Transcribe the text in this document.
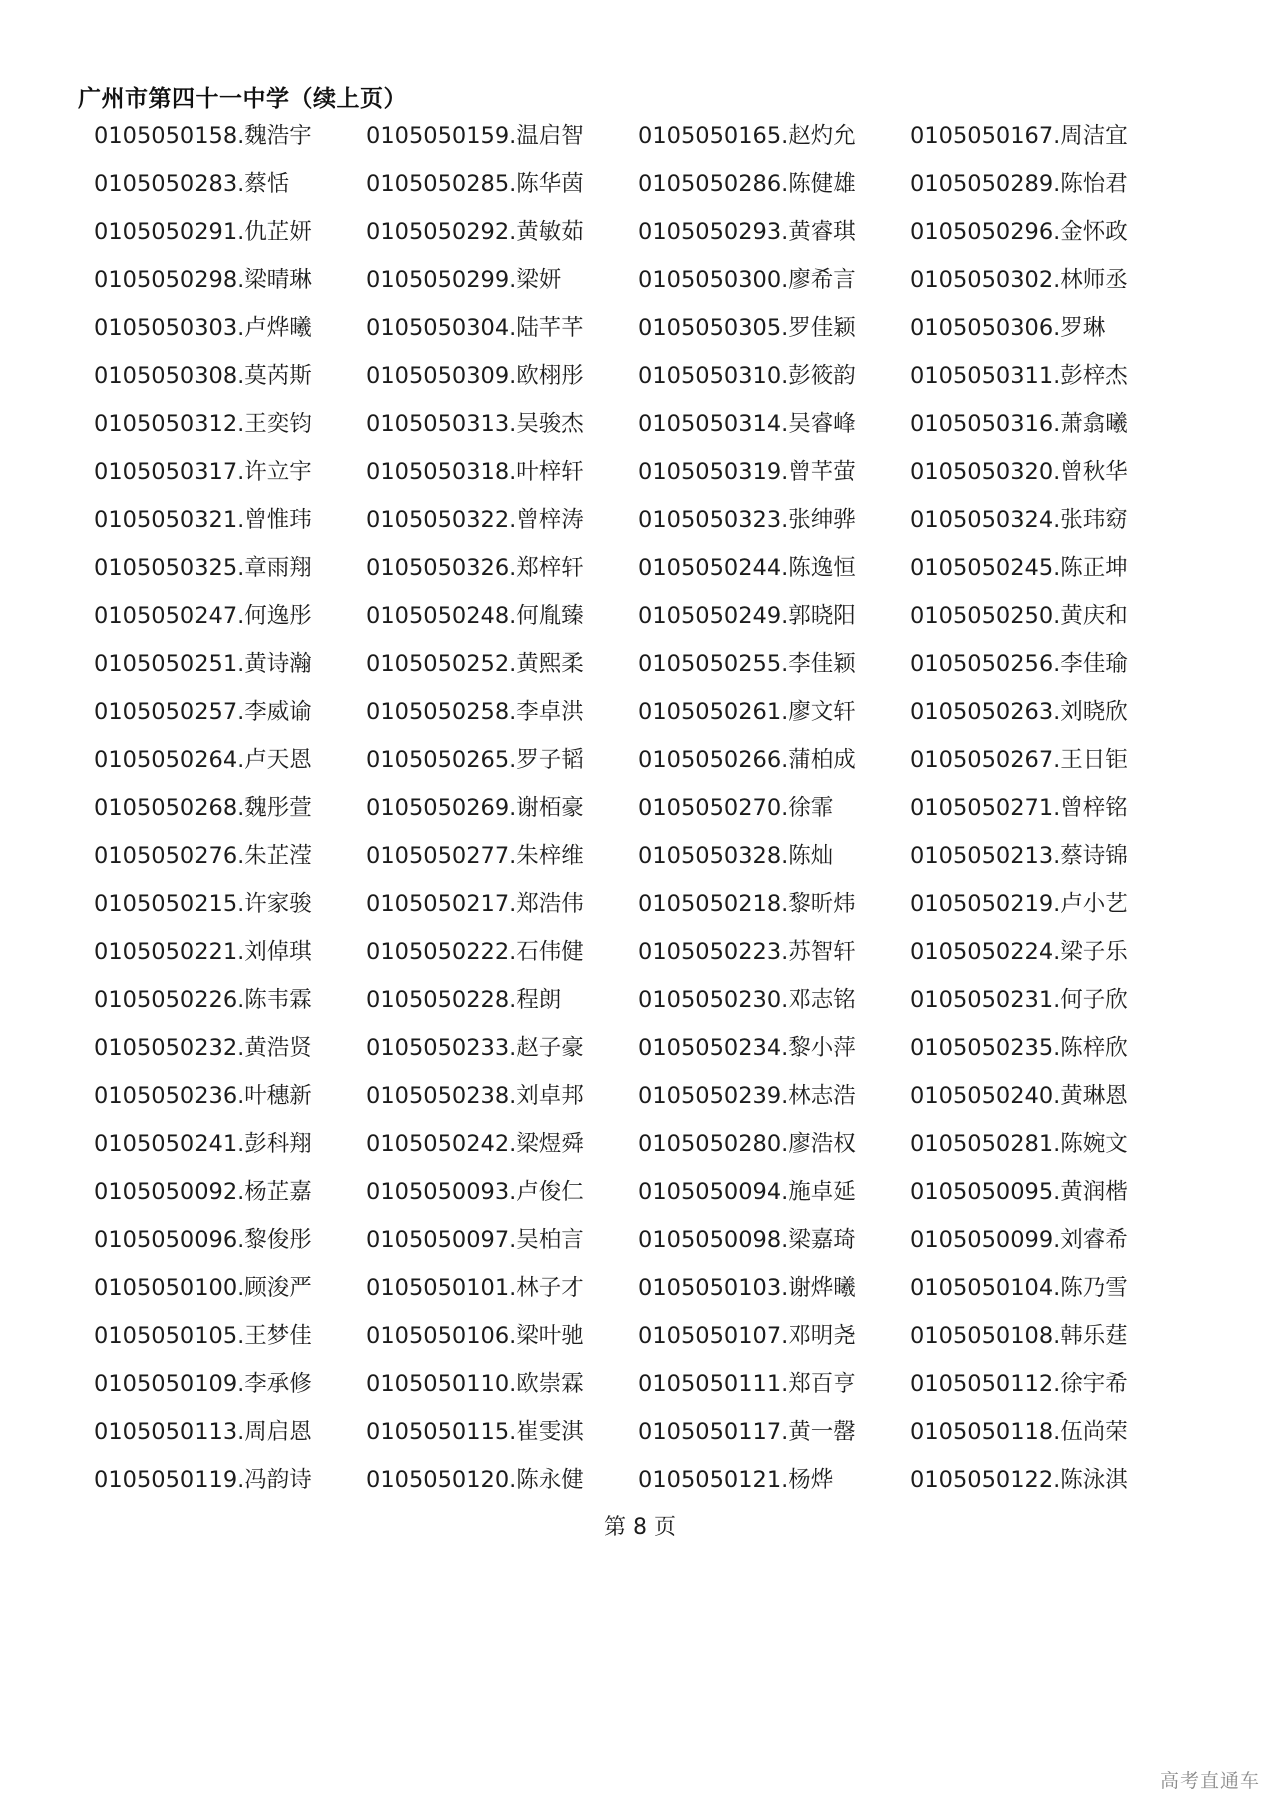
广州市第四十一中学（续上页）
0105050158.魏浩宇	0105050159.温启智	0105050165.赵灼允	0105050167.周洁宜
0105050283.蔡恬	0105050285.陈华茵	0105050286.陈健雄	0105050289.陈怡君
0105050291.仇芷妍	0105050292.黄敏茹	0105050293.黄睿琪	0105050296.金怀政
0105050298.梁晴琳	0105050299.梁妍	0105050300.廖希言	0105050302.林师丞
0105050303.卢烨曦	0105050304.陆芊芊	0105050305.罗佳颖	0105050306.罗琳
0105050308.莫芮斯	0105050309.欧栩彤	0105050310.彭筱韵	0105050311.彭梓杰
0105050312.王奕钧	0105050313.吴骏杰	0105050314.吴睿峰	0105050316.萧翕曦
0105050317.许立宇	0105050318.叶梓轩	0105050319.曾芊萤	0105050320.曾秋华
0105050321.曾惟玮	0105050322.曾梓涛	0105050323.张绅骅	0105050324.张玮窈
0105050325.章雨翔	0105050326.郑梓轩	0105050244.陈逸恒	0105050245.陈正坤
0105050247.何逸彤	0105050248.何胤臻	0105050249.郭晓阳	0105050250.黄庆和
0105050251.黄诗瀚	0105050252.黄熙柔	0105050255.李佳颖	0105050256.李佳瑜
0105050257.李威谕	0105050258.李卓洪	0105050261.廖文轩	0105050263.刘晓欣
0105050264.卢天恩	0105050265.罗子韬	0105050266.蒲柏成	0105050267.王日钜
0105050268.魏彤萱	0105050269.谢栢豪	0105050270.徐霏	0105050271.曾梓铭
0105050276.朱芷滢	0105050277.朱梓维	0105050328.陈灿	0105050213.蔡诗锦
0105050215.许家骏	0105050217.郑浩伟	0105050218.黎昕炜	0105050219.卢小艺
0105050221.刘倬琪	0105050222.石伟健	0105050223.苏智轩	0105050224.梁子乐
0105050226.陈韦霖	0105050228.程朗	0105050230.邓志铭	0105050231.何子欣
0105050232.黄浩贤	0105050233.赵子豪	0105050234.黎小萍	0105050235.陈梓欣
0105050236.叶穗新	0105050238.刘卓邦	0105050239.林志浩	0105050240.黄琳恩
0105050241.彭科翔	0105050242.梁煜舜	0105050280.廖浩权	0105050281.陈婉文
0105050092.杨芷嘉	0105050093.卢俊仁	0105050094.施卓延	0105050095.黄润楷
0105050096.黎俊彤	0105050097.吴柏言	0105050098.梁嘉琦	0105050099.刘睿希
0105050100.顾浚严	0105050101.林子才	0105050103.谢烨曦	0105050104.陈乃雪
0105050105.王梦佳	0105050106.梁叶驰	0105050107.邓明尧	0105050108.韩乐莛
0105050109.李承修	0105050110.欧崇霖	0105050111.郑百亨	0105050112.徐宇希
0105050113.周启恩	0105050115.崔雯淇	0105050117.黄一罄	0105050118.伍尚荣
0105050119.冯韵诗	0105050120.陈永健	0105050121.杨烨	0105050122.陈泳淇
第 8 页
高考直通车
